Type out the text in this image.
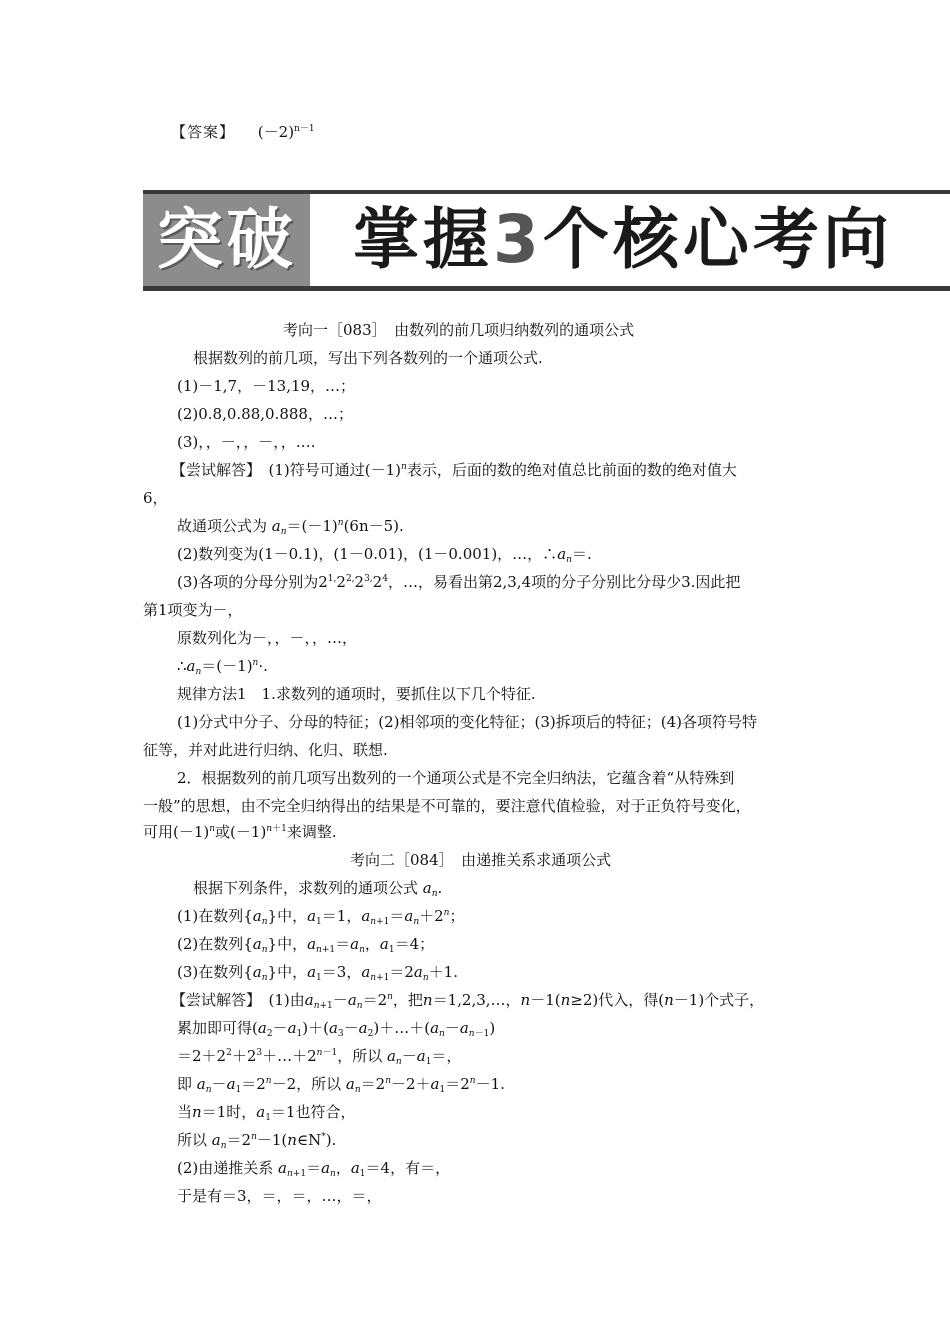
【答案】 $(-2)^{n-1}$
突破 掌握3个核心考向
考向一［083］　由数列的前几项归纳数列的通项公式
根据数列的前几项，写出下列各数列的一个通项公式.
(1)－1,7，－13,19，…；
(2)0.8,0.88,0.888，…；
(3)，，－，，－，，….
【尝试解答】　(1)符号可通过$(-1)^n$表示，后面的数的绝对值总比前面的数的绝对值大
6，
故通项公式为 $a_n=(-1)^n(6n-5)$.
(2)数列变为(1－0.1)，(1－0.01)，(1－0.001)，…，$\therefore a_n=$.
(3)各项的分母分别为$2^{1,}2^{2,}2^{3,}2^4$，…，易看出第2,3,4项的分子分别比分母少3.因此把
第1项变为－，
原数列化为－，，－，，…，
$\therefore a_n=(-1)^n\cdot$.
规律方法1　1.求数列的通项时，要抓住以下几个特征.
(1)分式中分子、分母的特征；(2)相邻项的变化特征；(3)拆项后的特征；(4)各项符号特
征等，并对此进行归纳、化归、联想.
2．根据数列的前几项写出数列的一个通项公式是不完全归纳法，它蕴含着“从特殊到
一般”的思想，由不完全归纳得出的结果是不可靠的，要注意代值检验，对于正负符号变化，
可用$(-1)^n$或$(-1)^{n+1}$来调整.
考向二［084］　由递推关系求通项公式
根据下列条件，求数列的通项公式 $a_n$.
(1)在数列$\{a_n\}$中，$a_1=1$，$a_{n+1}=a_n+2^n$；
(2)在数列$\{a_n\}$中，$a_{n+1}=a_n$，$a_1=4$；
(3)在数列$\{a_n\}$中，$a_1=3$，$a_{n+1}=2a_n+1$.
【尝试解答】　(1)由$a_{n+1}-a_n=2^n$，把n＝1,2,3,…，n－1(n≥2)代入，得(n－1)个式子，
累加即可得$(a_2-a_1)+(a_3-a_2)+\dots+(a_n-a_{n-1})$
$=2+2^2+2^3+\dots+2^{n-1}$，所以 $a_n-a_1=$，
即 $a_n-a_1=2^n-2$，所以 $a_n=2^n-2+a_1=2^n-1$.
当n＝1时，$a_1=1$也符合，
所以 $a_n=2^n-1(n\in N^*)$.
(2)由递推关系 $a_{n+1}=a_n$，$a_1=4$，有＝，
于是有＝3，＝，＝，…，＝，
